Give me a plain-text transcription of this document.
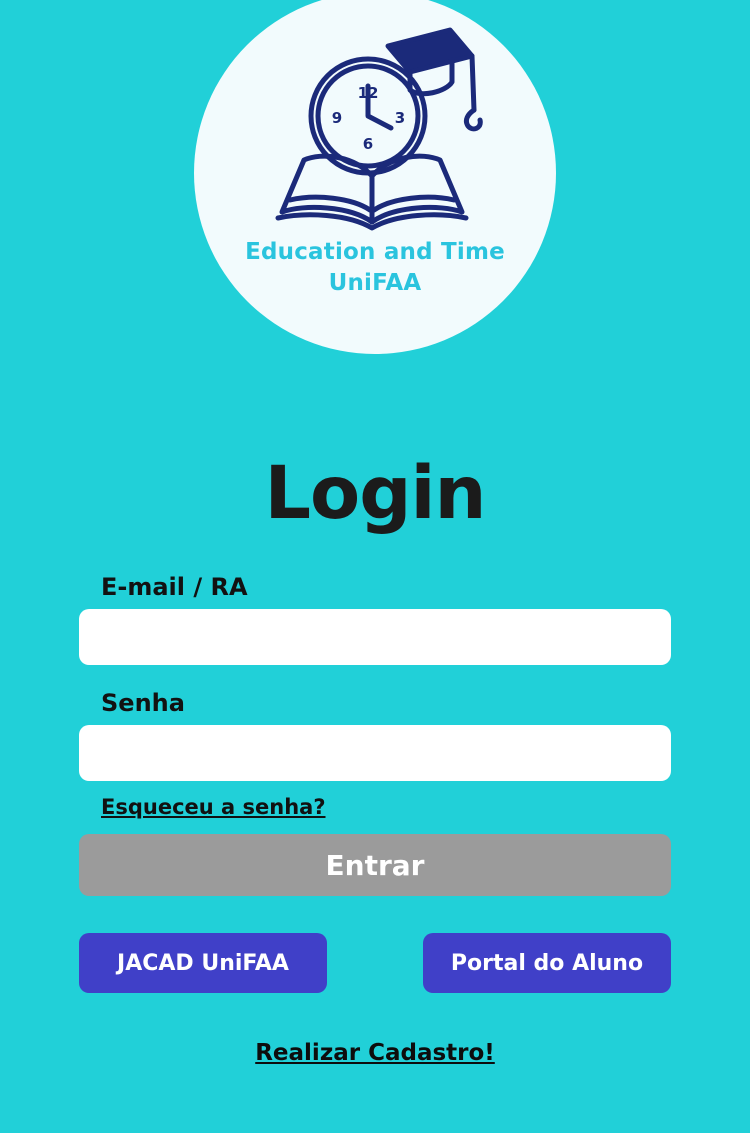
12
3
6
9
Education and Time
UniFAA
Login
E-mail / RA
Senha
Esqueceu a senha?
Entrar
JACAD UniFAA	Portal do Aluno
Realizar Cadastro!
